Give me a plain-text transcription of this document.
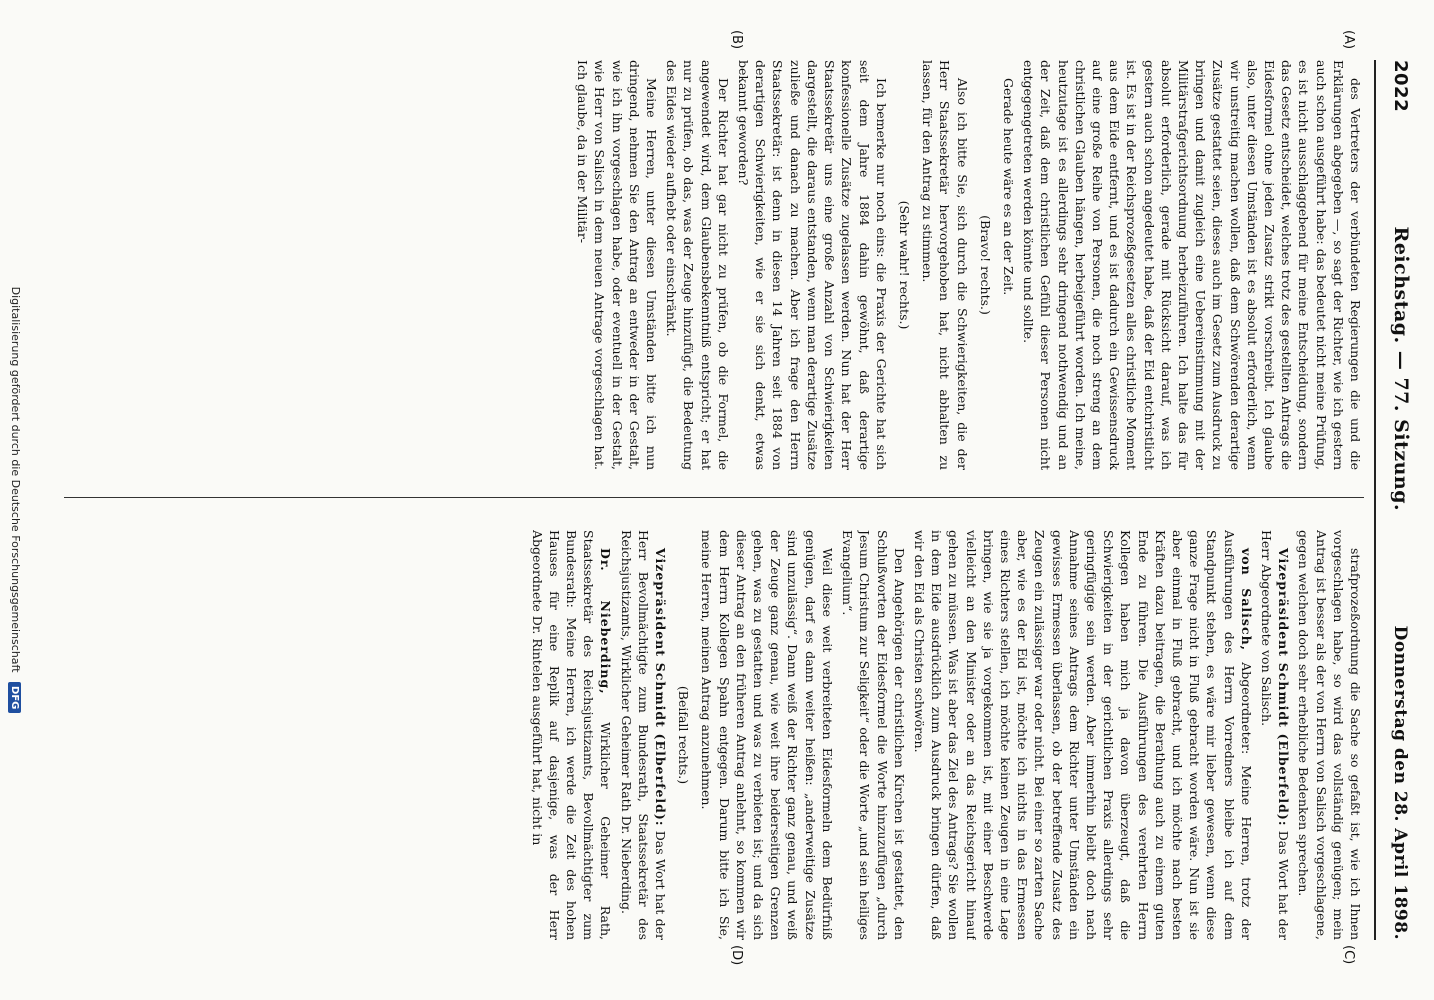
2022
Reichstag. — 77. Sitzung.
Donnerstag den 28. April 1898.
(A)
(B)
(C)
(D)

des Vertreters der verbündeten Regierungen die und die Erklärungen abgegeben —, so sagt der Richter, wie ich gestern auch schon ausgeführt habe: das bedeutet nicht meine Prüfung, es ist nicht ausschlaggebend für meine Entscheidung, sondern das Gesetz entscheidet, welches trotz des gestellten Antrags die Eidesformel ohne jeden Zusatz strikt vorschreibt. Ich glaube also, unter diesen Umständen ist es absolut erforderlich, wenn wir unstreitig machen wollen, daß dem Schwörenden derartige Zusätze gestattet seien, dieses auch im Gesetz zum Ausdruck zu bringen und damit zugleich eine Uebereinstimmung mit der Militärstrafgerichtsordnung herbeizuführen. Ich halte das für absolut erforderlich, gerade mit Rücksicht darauf, was ich gestern auch schon angedeutet habe, daß der Eid entchristlicht ist. Es ist in der Reichsprozeßgesetzen alles christliche Moment aus dem Eide entfernt, und es ist dadurch ein Gewissensdruck auf eine große Reihe von Personen, die noch streng an dem christlichen Glauben hängen, herbeigeführt worden. Ich meine, heutzutage ist es allerdings sehr dringend nothwendig und an der Zeit, daß dem christlichen Gefühl dieser Personen nicht entgegengetreten werden könnte und sollte.

Gerade heute wäre es an der Zeit.

(Bravo! rechts.)

Also ich bitte Sie, sich durch die Schwierigkeiten, die der Herr Staatssekretär hervorgehoben hat, nicht abhalten zu lassen, für den Antrag zu stimmen.

(Sehr wahr! rechts.)

Ich bemerke nur noch eins: die Praxis der Gerichte hat sich seit dem Jahre 1884 dahin gewöhnt, daß derartige konfessionelle Zusätze zugelassen werden. Nun hat der Herr Staatssekretär uns eine große Anzahl von Schwierigkeiten dargestellt, die daraus entstanden, wenn man derartige Zusätze zuließe und danach zu machen. Aber ich frage den Herrn Staatssekretär: ist denn in diesen 14 Jahren seit 1884 von derartigen Schwierigkeiten, wie er sie sich denkt, etwas bekannt geworden?

Der Richter hat gar nicht zu prüfen, ob die Formel, die angewendet wird, dem Glaubensbekenntniß entspricht; er hat nur zu prüfen, ob das, was der Zeuge hinzufügt, die Bedeutung des Eides wieder aufhebt oder einschränkt.

Meine Herren, unter diesen Umständen bitte ich nun dringend, nehmen Sie den Antrag an entweder in der Gestalt, wie ich ihn vorgeschlagen habe, oder eventuell in der Gestalt, wie Herr von Salisch in dem neuen Antrage vorgeschlagen hat. Ich glaube, da in der Militär-

strafprozeßordnung die Sache so gefaßt ist, wie ich Ihnen vorgeschlagen habe, so wird das vollständig genügen; mein Antrag ist besser als der von Herrn von Salisch vorgeschlagene, gegen welchen doch sehr erhebliche Bedenken sprechen.

Vizepräsident Schmidt (Elberfeld): Das Wort hat der Herr Abgeordnete von Salisch.

von Salisch, Abgeordneter: Meine Herren, trotz der Ausführungen des Herrn Vorredners bleibe ich auf dem Standpunkt stehen, es wäre mir lieber gewesen, wenn diese ganze Frage nicht in Fluß gebracht worden wäre. Nun ist sie aber einmal in Fluß gebracht, und ich möchte nach besten Kräften dazu beitragen, die Berathung auch zu einem guten Ende zu führen. Die Ausführungen des verehrten Herrn Kollegen haben mich ja davon überzeugt, daß die Schwierigkeiten in der gerichtlichen Praxis allerdings sehr geringfügige sein werden. Aber immerhin bleibt doch nach Annahme seines Antrags dem Richter unter Umständen ein gewisses Ermessen überlassen, ob der betreffende Zusatz des Zeugen ein zulässiger war oder nicht. Bei einer so zarten Sache aber, wie es der Eid ist, möchte ich nichts in das Ermessen eines Richters stellen, ich möchte keinen Zeugen in eine Lage bringen, wie sie ja vorgekommen ist, mit einer Beschwerde vielleicht an den Minister oder an das Reichsgericht hinauf gehen zu müssen. Was ist aber das Ziel des Antrags? Sie wollen in dem Eide ausdrücklich zum Ausdruck bringen dürfen, daß wir den Eid als Christen schwören.

Den Angehörigen der christlichen Kirchen ist gestattet, den Schlußworten der Eidesformel die Worte hinzuzufügen „durch Jesum Christum zur Seligkeit“ oder die Worte „und sein heiliges Evangelium“.

Weil diese weit verbreiteten Eidesformeln dem Bedürfniß genügen, darf es dann weiter heißen: „anderweitige Zusätze sind unzulässig“. Dann weiß der Richter ganz genau, und weiß der Zeuge ganz genau, wie weit ihre beiderseitigen Grenzen gehen, was zu gestatten und was zu verbieten ist; und da sich dieser Antrag an den früheren Antrag anlehnt, so kommen wir dem Herrn Kollegen Spahn entgegen. Darum bitte ich Sie, meine Herren, meinen Antrag anzunehmen.

(Beifall rechts.)

Vizepräsident Schmidt (Elberfeld): Das Wort hat der Herr Bevollmächtigte zum Bundesrath, Staatssekretär des Reichsjustizamts, Wirklicher Geheimer Rath Dr. Nieberding.

Dr. Nieberding, Wirklicher Geheimer Rath, Staatssekretär des Reichsjustizamts, Bevollmächtigter zum Bundesrath: Meine Herren, ich werde die Zeit des hohen Hauses für eine Replik auf dasjenige, was der Herr Abgeordnete Dr. Rintelen ausgeführt hat, nicht in

Digitalisierung gefördert durch die Deutsche Forschungsgemeinschaft DFG
